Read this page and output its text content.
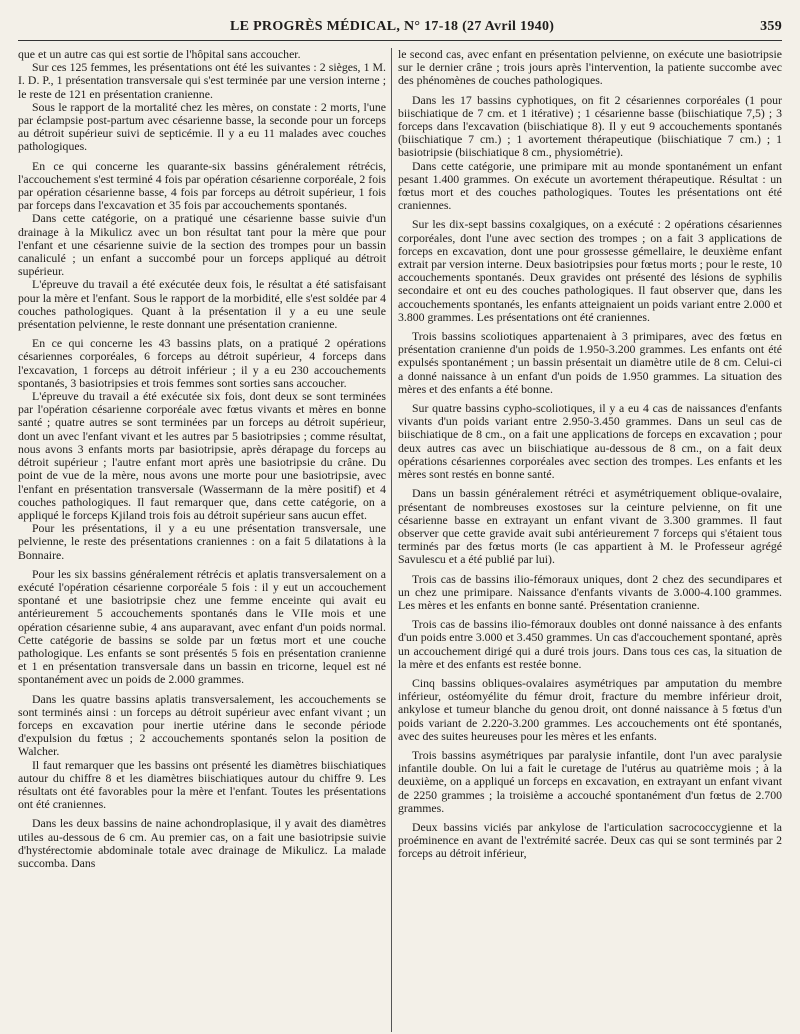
LE PROGRÈS MÉDICAL, N° 17-18 (27 Avril 1940)	359

que et un autre cas qui est sortie de l'hôpital sans accoucher.

Sur ces 125 femmes, les présentations ont été les suivantes : 2 sièges, 1 M. I. D. P., 1 présentation transversale qui s'est terminée par une version interne ; le reste de 121 en présentation cranienne.

Sous le rapport de la mortalité chez les mères, on constate : 2 morts, l'une par éclampsie post-partum avec césarienne basse, la seconde pour un forceps au détroit supérieur suivi de septicémie. Il y a eu 11 malades avec couches pathologiques.

En ce qui concerne les quarante-six bassins généralement rétrécis, l'accouchement s'est terminé 4 fois par opération césarienne corporéale, 2 fois par opération césarienne basse, 4 fois par forceps au détroit supérieur, 1 fois par forceps dans l'excavation et 35 fois par accouchements spontanés.

Dans cette catégorie, on a pratiqué une césarienne basse suivie d'un drainage à la Mikulicz avec un bon résultat tant pour la mère que pour l'enfant et une césarienne suivie de la section des trompes pour un bassin canaliculé ; un enfant a succombé pour un forceps appliqué au détroit supérieur.

L'épreuve du travail a été exécutée deux fois, le résultat a été satisfaisant pour la mère et l'enfant. Sous le rapport de la morbidité, elle s'est soldée par 4 couches pathologiques. Quant à la présentation il y a eu une seule présentation pelvienne, le reste donnant une présentation cranienne.

En ce qui concerne les 43 bassins plats, on a pratiqué 2 opérations césariennes corporéales, 6 forceps au détroit supérieur, 4 forceps dans l'excavation, 1 forceps au détroit inférieur ; il y a eu 230 accouchements spontanés, 3 basiotripsies et trois femmes sont sorties sans accoucher.

L'épreuve du travail a été exécutée six fois, dont deux se sont terminées par l'opération césarienne corporéale avec fœtus vivants et mères en bonne santé ; quatre autres se sont terminées par un forceps au détroit supérieur, dont un avec l'enfant vivant et les autres par 5 basiotripsies ; comme résultat, nous avons 3 enfants morts par basiotripsie, après dérapage du forceps au détroit supérieur ; l'autre enfant mort après une basiotripsie du crâne. Du point de vue de la mère, nous avons une morte pour une basiotripsie, avec l'enfant en présentation transversale (Wassermann de la mère positif) et 4 couches pathologiques. Il faut remarquer que, dans cette catégorie, on a appliqué le forceps Kjiland trois fois au détroit supérieur sans aucun effet.

Pour les présentations, il y a eu une présentation transversale, une pelvienne, le reste des présentations craniennes : on a fait 5 dilatations à la Bonnaire.

Pour les six bassins généralement rétrécis et aplatis transversalement on a exécuté l'opération césarienne corporéale 5 fois : il y eut un accouchement spontané et une basiotripsie chez une femme enceinte qui avait eu antérieurement 5 accouchements spontanés dans le VIIe mois et une opération césarienne subie, 4 ans auparavant, avec enfant d'un poids normal. Cette catégorie de bassins se solde par un fœtus mort et une couche pathologique. Les enfants se sont présentés 5 fois en présentation cranienne et 1 en présentation transversale dans un bassin en tricorne, lequel est né spontanément avec un poids de 2.000 grammes.

Dans les quatre bassins aplatis transversalement, les accouchements se sont terminés ainsi : un forceps au détroit supérieur avec enfant vivant ; un forceps en excavation pour inertie utérine dans le seconde période d'expulsion du fœtus ; 2 accouchements spontanés selon la position de Walcher.

Il faut remarquer que les bassins ont présenté les diamètres biischiatiques autour du chiffre 8 et les diamètres biischiatiques autour du chiffre 9. Les résultats ont été favorables pour la mère et l'enfant. Toutes les présentations ont été craniennes.

Dans les deux bassins de naine achondroplasique, il y avait des diamètres utiles au-dessous de 6 cm. Au premier cas, on a fait une basiotripsie suivie d'hystérectomie abdominale totale avec drainage de Mikulicz. La malade succomba. Dans

le second cas, avec enfant en présentation pelvienne, on exécute une basiotripsie sur le dernier crâne ; trois jours après l'intervention, la patiente succombe avec des phénomènes de couches pathologiques.

Dans les 17 bassins cyphotiques, on fit 2 césariennes corporéales (1 pour biischiatique de 7 cm. et 1 itérative) ; 1 césarienne basse (biischiatique 7,5) ; 3 forceps dans l'excavation (biischiatique 8). Il y eut 9 accouchements spontanés (biischiatique 7 cm.) ; 1 avortement thérapeutique (biischiatique 7 cm.) ; 1 basiotripsie (biischiatique 8 cm., physiométrie).

Dans cette catégorie, une primipare mit au monde spontanément un enfant pesant 1.400 grammes. On exécute un avortement thérapeutique. Résultat : un fœtus mort et des couches pathologiques. Toutes les présentations ont été craniennes.

Sur les dix-sept bassins coxalgiques, on a exécuté : 2 opérations césariennes corporéales, dont l'une avec section des trompes ; on a fait 3 applications de forceps en excavation, dont une pour grossesse gémellaire, le deuxième enfant extrait par version interne. Deux basiotripsies pour fœtus morts ; pour le reste, 10 accouchements spontanés. Deux gravides ont présenté des lésions de syphilis secondaire et ont eu des couches pathologiques. Il faut observer que, dans les accouchements spontanés, les enfants atteignaient un poids variant entre 2.000 et 3.800 grammes. Les présentations ont été craniennes.

Trois bassins scoliotiques appartenaient à 3 primipares, avec des fœtus en présentation cranienne d'un poids de 1.950-3.200 grammes. Les enfants ont été expulsés spontanément ; un bassin présentait un diamètre utile de 8 cm. Celui-ci a donné naissance à un enfant d'un poids de 1.950 grammes. La situation des mères et des enfants a été bonne.

Sur quatre bassins cypho-scoliotiques, il y a eu 4 cas de naissances d'enfants vivants d'un poids variant entre 2.950-3.450 grammes. Dans un seul cas de biischiatique de 8 cm., on a fait une applications de forceps en excavation ; pour deux autres cas avec un biischiatique au-dessous de 8 cm., on a fait deux opérations césariennes corporéales avec section des trompes. Les enfants et les mères sont restés en bonne santé.

Dans un bassin généralement rétréci et asymétriquement oblique-ovalaire, présentant de nombreuses exostoses sur la ceinture pelvienne, on fit une césarienne basse en extrayant un enfant vivant de 3.300 grammes. Il faut observer que cette gravide avait subi antérieurement 7 forceps qui s'étaient tous terminés par des fœtus morts (le cas appartient à M. le Professeur agrégé Savulescu et a été publié par lui).

Trois cas de bassins ilio-fémoraux uniques, dont 2 chez des secundipares et un chez une primipare. Naissance d'enfants vivants de 3.000-4.100 grammes. Les mères et les enfants en bonne santé. Présentation cranienne.

Trois cas de bassins ilio-fémoraux doubles ont donné naissance à des enfants d'un poids entre 3.000 et 3.450 grammes. Un cas d'accouchement spontané, après un accouchement dirigé qui a duré trois jours. Dans tous ces cas, la situation de la mère et des enfants est restée bonne.

Cinq bassins obliques-ovalaires asymétriques par amputation du membre inférieur, ostéomyélite du fémur droit, fracture du membre inférieur droit, ankylose et tumeur blanche du genou droit, ont donné naissance à 5 fœtus d'un poids variant de 2.220-3.200 grammes. Les accouchements ont été spontanés, avec des suites heureuses pour les mères et les enfants.

Trois bassins asymétriques par paralysie infantile, dont l'un avec paralysie infantile double. On lui a fait le curetage de l'utérus au quatrième mois ; à la deuxième, on a appliqué un forceps en excavation, en extrayant un enfant vivant de 2250 grammes ; la troisième a accouché spontanément d'un fœtus de 2.700 grammes.

Deux bassins viciés par ankylose de l'articulation sacrococcygienne et la proéminence en avant de l'extrémité sacrée. Deux cas qui se sont terminés par 2 forceps au détroit inférieur,
